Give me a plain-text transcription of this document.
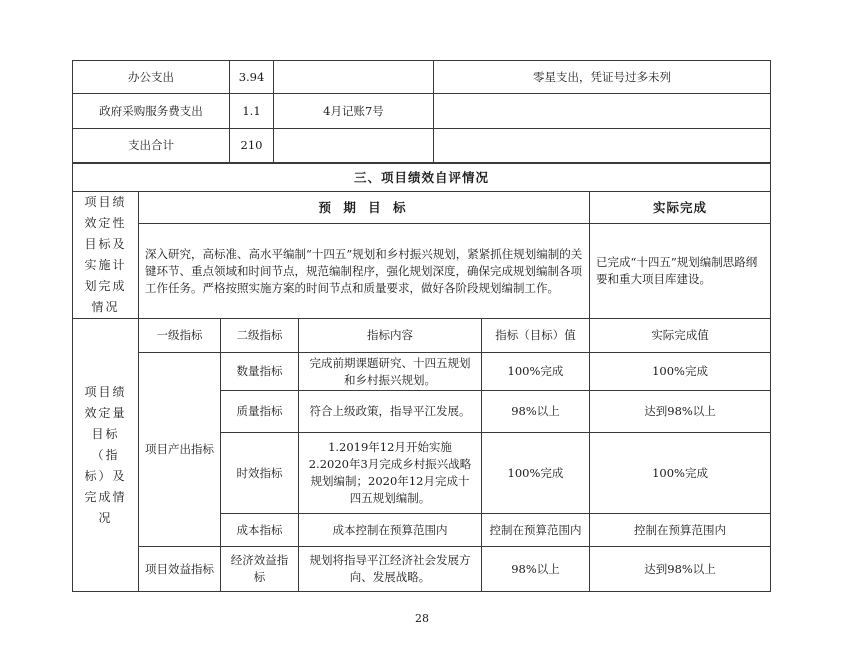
办公支出	3.94		零星支出，凭证号过多未列
政府采购服务费支出	1.1	4月记账7号	
支出合计	210		
三、项目绩效自评情况					
项目绩效定性目标及实施计划完成情况	预 期 目 标				实际完成
	深入研究，高标准、高水平编制“十四五”规划和乡村振兴规划，紧紧抓住规划编制的关键环节、重点领域和时间节点，规范编制程序，强化规划深度，确保完成规划编制各项工作任务。严格按照实施方案的时间节点和质量要求，做好各阶段规划编制工作。				已完成“十四五”规划编制思路纲要和重大项目库建设。
项目绩效定量目标（指标）及完成情况	一级指标	二级指标	指标内容	指标（目标）值	实际完成值
	项目产出指标	数量指标	完成前期课题研究、十四五规划和乡村振兴规划。	100%完成	100%完成
		质量指标	符合上级政策，指导平江发展。	98%以上	达到98%以上
		时效指标	1.2019年12月开始实施
2.2020年3月完成乡村振兴战略规划编制；2020年12月完成十四五规划编制。	100%完成	100%完成
		成本指标	成本控制在预算范围内	控制在预算范围内	控制在预算范围内
	项目效益指标	经济效益指标	规划将指导平江经济社会发展方向、发展战略。	98%以上	达到98%以上
28
